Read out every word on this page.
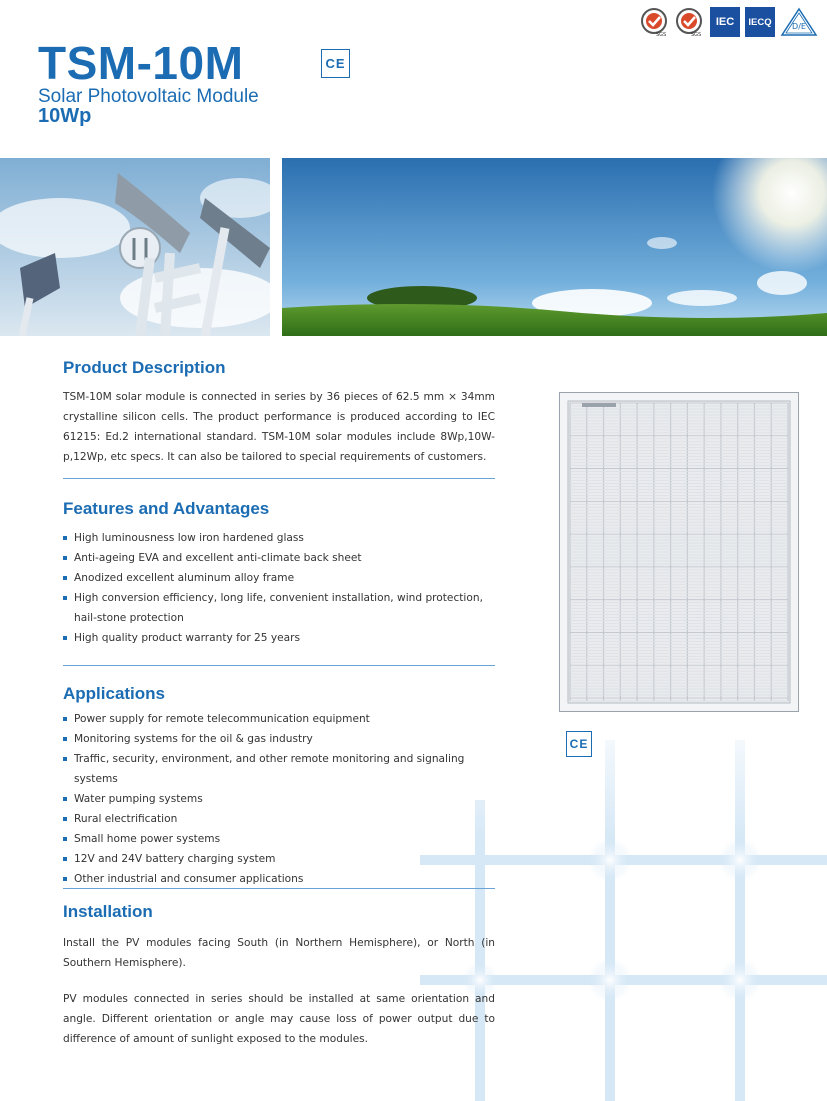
SGS	SGS
IEC	IECQ	D/E
TSM-10M
Solar Photovoltaic Module
10Wp
CE
Product Description
TSM-10M solar module is connected in series by 36 pieces of 62.5 mm × 34mm crystalline silicon cells. The product performance is produced according to IEC 61215: Ed.2 international standard. TSM-10M solar modules include 8Wp,10W-p,12Wp, etc specs. It can also be tailored to special requirements of customers.
Features and Advantages
High luminousness low iron hardened glass
Anti-ageing EVA and excellent anti-climate back sheet
Anodized excellent aluminum alloy frame
High conversion efficiency, long life, convenient installation, wind protection, hail-stone protection
High quality product warranty for 25 years
Applications
Power supply for remote telecommunication equipment
Monitoring systems for the oil & gas industry
Traffic, security, environment, and other remote monitoring and signaling systems
Water pumping systems
Rural electrification
Small home power systems
12V and 24V battery charging system
Other industrial and consumer applications
Installation
Install the PV modules facing South (in Northern Hemisphere), or North (in Southern Hemisphere).
PV modules connected in series should be installed at same orientation and angle. Different orientation or angle may cause loss of power output due to difference of amount of sunlight exposed to the modules.
CE
